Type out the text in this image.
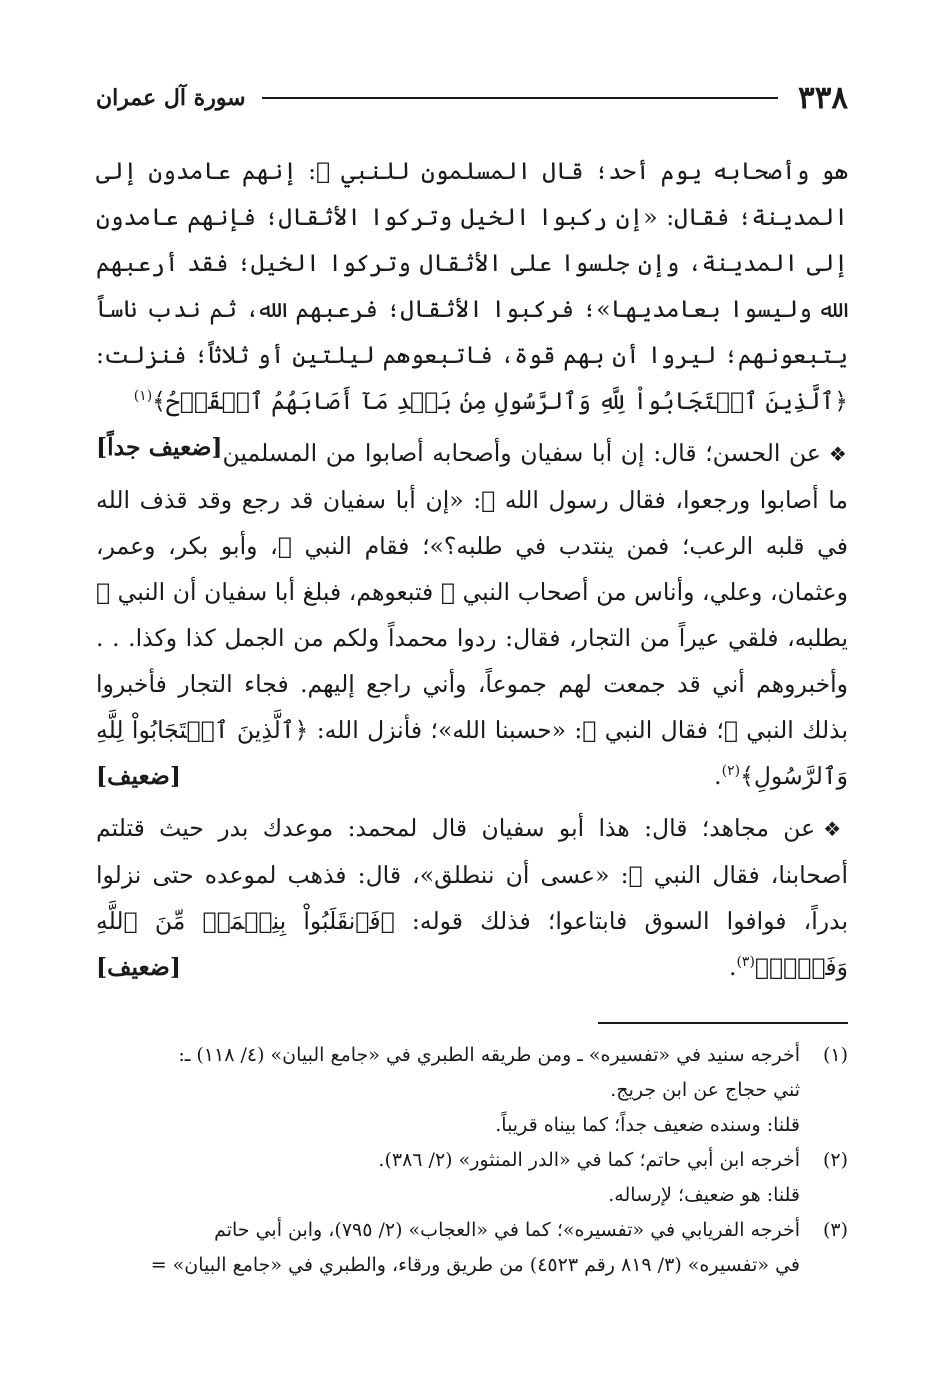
٣٣٨
سورة آل عمران

هو وأصحابه يوم أحد؛ قال المسلمون للنبي ﷺ: إنهم عامدون إلى المدينة؛ فقال: «إن ركبوا الخيل وتركوا الأثقال؛ فإنهم عامدون إلى المدينة، وإن جلسوا على الأثقال وتركوا الخيل؛ فقد أرعبهم الله وليسوا بعامديها»؛ فركبوا الأثقال؛ فرعبهم الله، ثم ندب ناساً يتبعونهم؛ ليروا أن بهم قوة، فاتبعوهم ليلتين أو ثلاثاً؛ فنزلت: ﴿ٱلَّذِينَ ٱسۡتَجَابُواْ لِلَّهِ وَٱلرَّسُولِ مِنۢ بَعۡدِ مَآ أَصَابَهُمُ ٱلۡقَرۡحُ﴾$^{(١)}$
[ضعيف جداً]	❖عن الحسن؛ قال: إن أبا سفيان وأصحابه أصابوا من المسلمين ما أصابوا ورجعوا، فقال رسول الله ﷺ: «إن أبا سفيان قد رجع وقد قذف الله في قلبه الرعب؛ فمن ينتدب في طلبه؟»؛ فقام النبي ﷺ، وأبو بكر، وعمر، وعثمان، وعلي، وأناس من أصحاب النبي ﷺ فتبعوهم، فبلغ أبا سفيان أن النبي ﷺ يطلبه، فلقي عيراً من التجار، فقال: ردوا محمداً ولكم من الجمل كذا وكذا. . . وأخبروهم أني قد جمعت لهم جموعاً، وأني راجع إليهم. فجاء التجار فأخبروا بذلك النبي ﷺ؛ فقال النبي ﷺ: «حسبنا الله»؛ فأنزل الله: ﴿ٱلَّذِينَ ٱسۡتَجَابُواْ لِلَّهِ وَٱلرَّسُولِ﴾$^{(٢)}$.
[ضعيف]

❖عن مجاهد؛ قال: هذا أبو سفيان قال لمحمد: موعدك بدر حيث قتلتم أصحابنا، فقال النبي ﷺ: «عسى أن ننطلق»، قال: فذهب لموعده حتى نزلوا بدراً، فوافوا السوق فابتاعوا؛ فذلك قوله: ﴿فَٱنقَلَبُواْ بِنِعۡمَةٖ مِّنَ ٱللَّهِ وَفَضۡلٖ﴾$^{(٣)}$.
[ضعيف]

(١)
أخرجه سنيد في «تفسيره» ـ ومن طريقه الطبري في «جامع البيان» (٤/ ١١٨) ـ:
ثني حجاج عن ابن جريج.
قلنا: وسنده ضعيف جداً؛ كما بيناه قريباً.
(٢)
أخرجه ابن أبي حاتم؛ كما في «الدر المنثور» (٢/ ٣٨٦).
قلنا: هو ضعيف؛ لإرساله.
(٣)
أخرجه الفريابي في «تفسيره»؛ كما في «العجاب» (٢/ ٧٩٥)، وابن أبي حاتم
في «تفسيره» (٣/ ٨١٩ رقم ٤٥٢٣) من طريق ورقاء، والطبري في «جامع البيان» =
